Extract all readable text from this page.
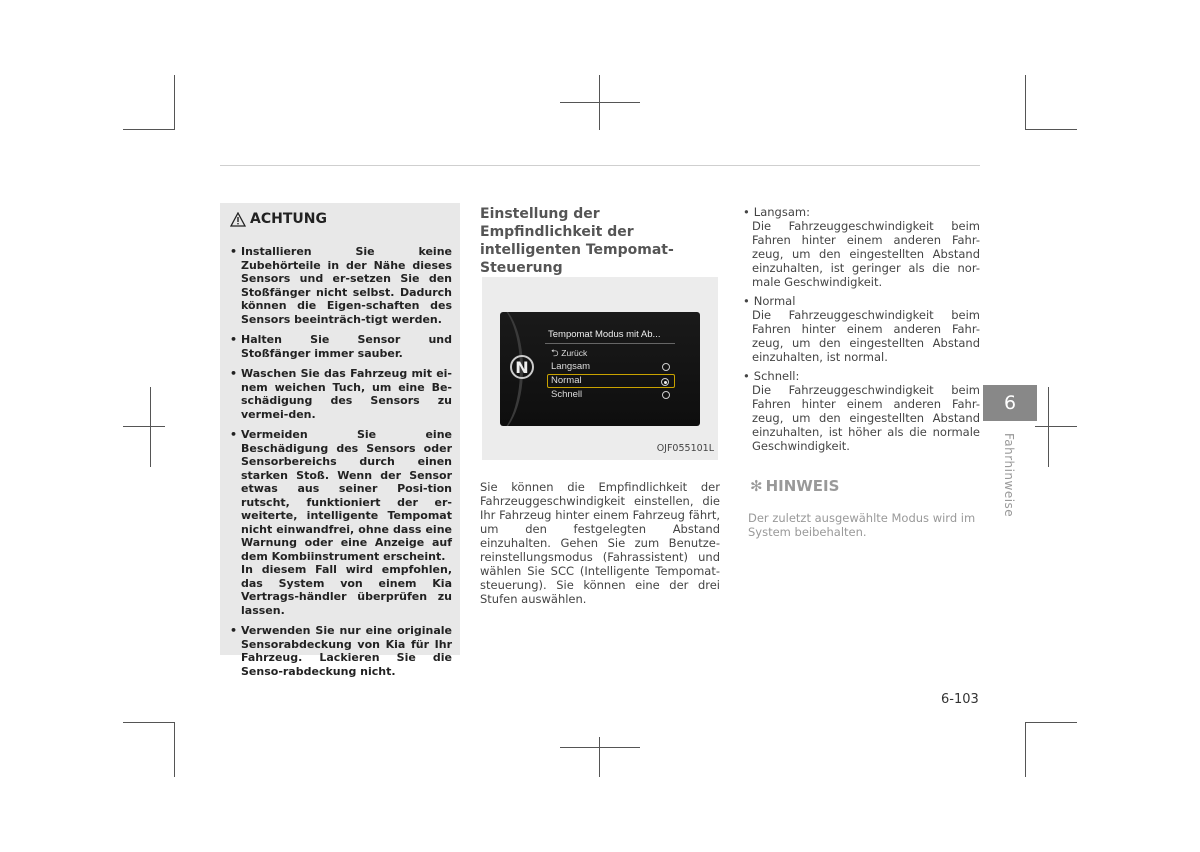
ACHTUNG
• Installieren Sie keine Zubehörteile in der Nähe dieses Sensors und er-setzen Sie den Stoßfänger nicht selbst. Dadurch können die Eigen-schaften des Sensors beeinträch-tigt werden.
• Halten Sie Sensor und Stoßfänger immer sauber.
• Waschen Sie das Fahrzeug mit ei-nem weichen Tuch, um eine Be-schädigung des Sensors zu vermei-den.
• Vermeiden Sie eine Beschädigung des Sensors oder Sensorbereichs durch einen starken Stoß. Wenn der Sensor etwas aus seiner Posi-tion rutscht, funktioniert der er-weiterte, intelligente Tempomat nicht einwandfrei, ohne dass eine Warnung oder eine Anzeige auf dem Kombiinstrument erscheint.
In diesem Fall wird empfohlen, das System von einem Kia Vertrags-händler überprüfen zu lassen.
• Verwenden Sie nur eine originale Sensorabdeckung von Kia für Ihr Fahrzeug. Lackieren Sie die Senso-rabdeckung nicht.
Einstellung der Empfindlichkeit der intelligenten Tempomat-Steuerung
N
Tempomat Modus mit Ab...
⮌ Zurück
Langsam
Normal
Schnell
OJF055101L
Sie können die Empfindlichkeit der Fahrzeuggeschwindigkeit einstellen, die Ihr Fahrzeug hinter einem Fahrzeug fährt, um den festgelegten Abstand einzuhalten. Gehen Sie zum Benutze-reinstellungsmodus (Fahrassistent) und wählen Sie SCC (Intelligente Tempomat-steuerung). Sie können eine der drei Stufen auswählen.
• Langsam:
Die Fahrzeuggeschwindigkeit beim Fahren hinter einem anderen Fahr-zeug, um den eingestellten Abstand einzuhalten, ist geringer als die nor-male Geschwindigkeit.
• Normal
Die Fahrzeuggeschwindigkeit beim Fahren hinter einem anderen Fahr-zeug, um den eingestellten Abstand einzuhalten, ist normal.
• Schnell:
Die Fahrzeuggeschwindigkeit beim Fahren hinter einem anderen Fahr-zeug, um den eingestellten Abstand einzuhalten, ist höher als die normale Geschwindigkeit.
✻ HINWEIS
Der zuletzt ausgewählte Modus wird im System beibehalten.
6
Fahrhinweise
6-103
